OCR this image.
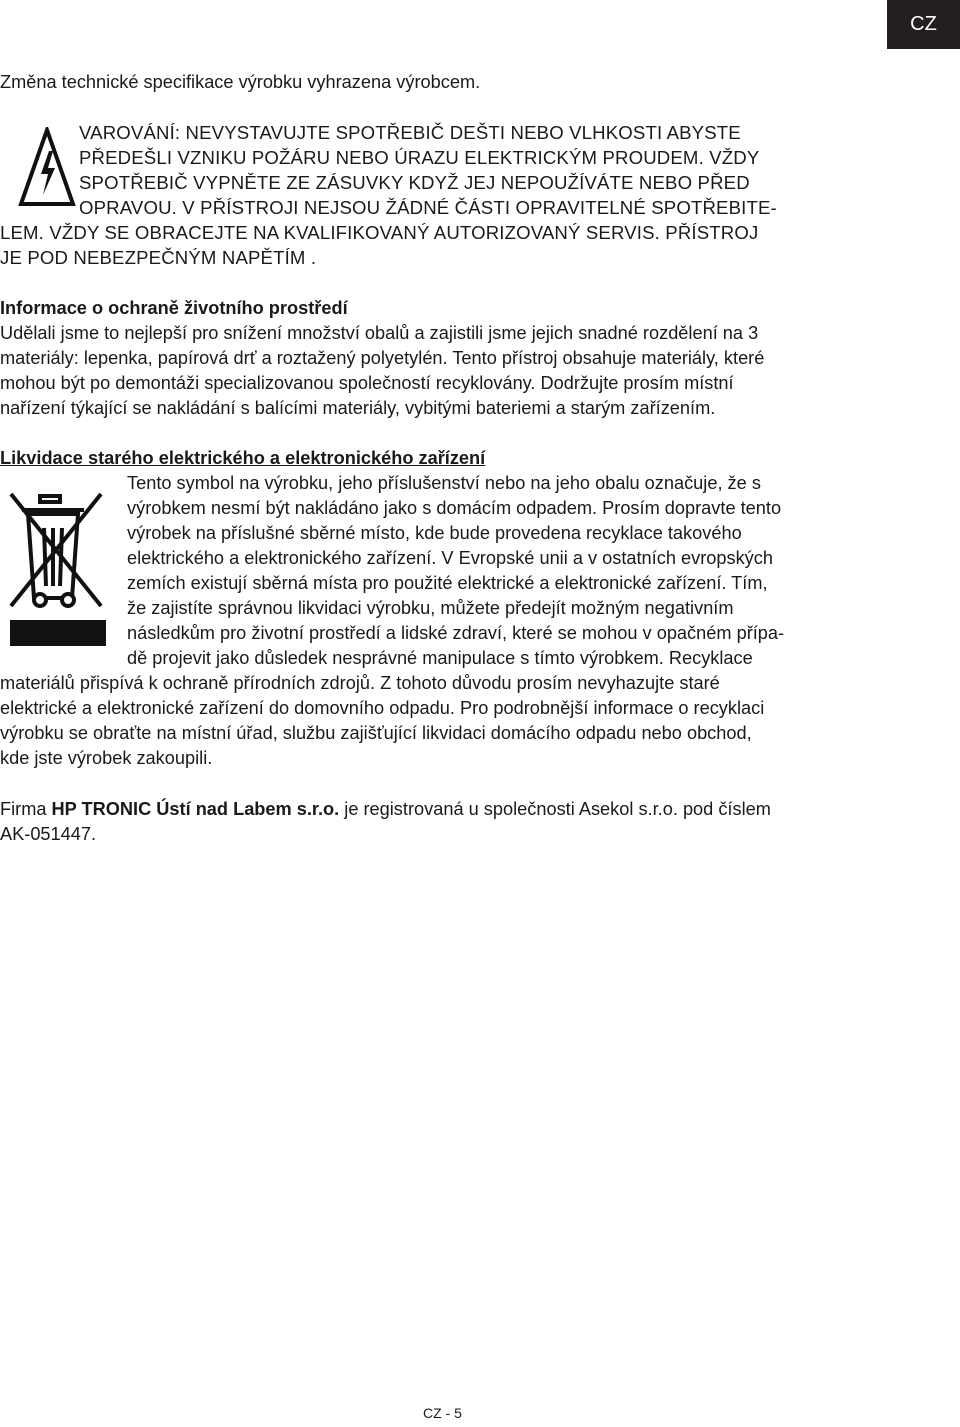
CZ
Změna technické specifikace výrobku vyhrazena výrobcem.
VAROVÁNÍ: NEVYSTAVUJTE SPOTŘEBIČ DEŠTI NEBO VLHKOSTI ABYSTE
PŘEDEŠLI VZNIKU POŽÁRU NEBO ÚRAZU ELEKTRICKÝM PROUDEM. VŽDY
SPOTŘEBIČ VYPNĚTE ZE ZÁSUVKY KDYŽ JEJ NEPOUŽÍVÁTE NEBO PŘED
OPRAVOU. V PŘÍSTROJI NEJSOU ŽÁDNÉ ČÁSTI OPRAVITELNÉ SPOTŘEBITE-
LEM. VŽDY SE OBRACEJTE NA KVALIFIKOVANÝ AUTORIZOVANÝ SERVIS. PŘÍSTROJ
JE POD NEBEZPEČNÝM NAPĚTÍM .
Informace o ochraně životního prostředí
Udělali jsme to nejlepší pro snížení množství obalů a zajistili jsme jejich snadné rozdělení na 3
materiály: lepenka, papírová drť a roztažený polyetylén. Tento přístroj obsahuje materiály, které
mohou být po demontáži specializovanou společností recyklovány. Dodržujte prosím místní
nařízení týkající se nakládání s balícími materiály, vybitými bateriemi a starým zařízením.
Likvidace starého elektrického a elektronického zařízení
Tento symbol na výrobku, jeho příslušenství nebo na jeho obalu označuje, že s
výrobkem nesmí být nakládáno jako s domácím odpadem. Prosím dopravte tento
výrobek na příslušné sběrné místo, kde bude provedena recyklace takového
elektrického a elektronického zařízení. V Evropské unii a v ostatních evropských
zemích existují sběrná místa pro použité elektrické a elektronické zařízení. Tím,
že zajistíte správnou likvidaci výrobku, můžete předejít možným negativním
následkům pro životní prostředí a lidské zdraví, které se mohou v opačném přípa-
dě projevit jako důsledek nesprávné manipulace s tímto výrobkem. Recyklace
materiálů přispívá k ochraně přírodních zdrojů. Z tohoto důvodu prosím nevyhazujte staré
elektrické a elektronické zařízení do domovního odpadu. Pro podrobnější informace o recyklaci
výrobku se obraťte na místní úřad, službu zajišťující likvidaci domácího odpadu nebo obchod,
kde jste výrobek zakoupili.
Firma HP TRONIC Ústí nad Labem s.r.o. je registrovaná u společnosti Asekol s.r.o. pod číslem
AK-051447.
CZ - 5
